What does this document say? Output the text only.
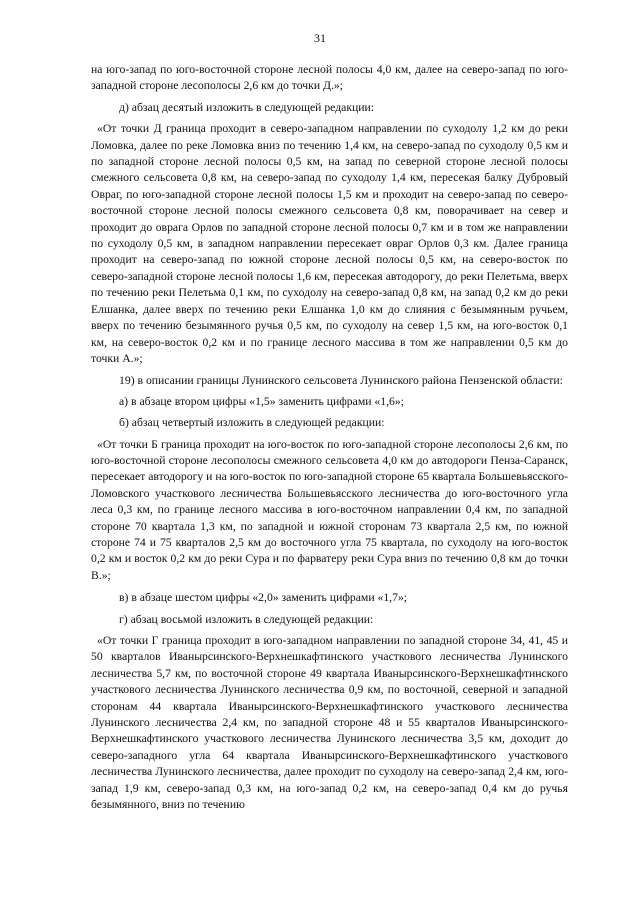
31

на юго-запад по юго-восточной стороне лесной полосы 4,0 км, далее на северо-запад по юго-западной стороне лесополосы 2,6 км до точки Д.»;

д) абзац десятый изложить в следующей редакции:

«От точки Д граница проходит в северо-западном направлении по суходолу 1,2 км до реки Ломовка, далее по реке Ломовка вниз по течению 1,4 км, на северо-запад по суходолу 0,5 км и по западной стороне лесной полосы 0,5 км, на запад по северной стороне лесной полосы смежного сельсовета 0,8 км, на северо-запад по суходолу 1,4 км, пересекая балку Дубровый Овраг, по юго-западной стороне лесной полосы 1,5 км и проходит на северо-запад по северо-восточной стороне лесной полосы смежного сельсовета 0,8 км, поворачивает на север и проходит до оврага Орлов по западной стороне лесной полосы 0,7 км и в том же направлении по суходолу 0,5 км, в западном направлении пересекает овраг Орлов 0,3 км. Далее граница проходит на северо-запад по южной стороне лесной полосы 0,5 км, на северо-восток по северо-западной стороне лесной полосы 1,6 км, пересекая автодорогу, до реки Пелетьма, вверх по течению реки Пелетьма 0,1 км, по суходолу на северо-запад 0,8 км, на запад 0,2 км до реки Елшанка, далее вверх по течению реки Елшанка 1,0 км до слияния с безымянным ручьем, вверх по течению безымянного ручья 0,5 км, по суходолу на север 1,5 км, на юго-восток 0,1 км, на северо-восток 0,2 км и по границе лесного массива в том же направлении 0,5 км до точки А.»;

19) в описании границы Лунинского сельсовета Лунинского района Пензенской области:

а) в абзаце втором цифры «1,5» заменить цифрами «1,6»;

б) абзац четвертый изложить в следующей редакции:

«От точки Б граница проходит на юго-восток по юго-западной стороне лесополосы 2,6 км, по юго-восточной стороне лесополосы смежного сельсовета 4,0 км до автодороги Пенза-Саранск, пересекает автодорогу и на юго-восток по юго-западной стороне 65 квартала Большевьясского-Ломовского участкового лесничества Большевьясского лесничества до юго-восточного угла леса 0,3 км, по границе лесного массива в юго-восточном направлении 0,4 км, по западной стороне 70 квартала 1,3 км, по западной и южной сторонам 73 квартала 2,5 км, по южной стороне 74 и 75 кварталов 2,5 км до восточного угла 75 квартала, по суходолу на юго-восток 0,2 км и восток 0,2 км до реки Сура и по фарватеру реки Сура вниз по течению 0,8 км до точки В.»;

в) в абзаце шестом цифры «2,0» заменить цифрами «1,7»;

г) абзац восьмой изложить в следующей редакции:

«От точки Г граница проходит в юго-западном направлении по западной стороне 34, 41, 45 и 50 кварталов Иванырсинского-Верхнешкафтинского участкового лесничества Лунинского лесничества 5,7 км, по восточной стороне 49 квартала Иванырсинского-Верхнешкафтинского участкового лесничества Лунинского лесничества 0,9 км, по восточной, северной и западной сторонам 44 квартала Иванырсинского-Верхнешкафтинского участкового лесничества Лунинского лесничества 2,4 км, по западной стороне 48 и 55 кварталов Иванырсинского-Верхнешкафтинского участкового лесничества Лунинского лесничества 3,5 км, доходит до северо-западного угла 64 квартала Иванырсинского-Верхнешкафтинского участкового лесничества Лунинского лесничества, далее проходит по суходолу на северо-запад 2,4 км, юго-запад 1,9 км, северо-запад 0,3 км, на юго-запад 0,2 км, на северо-запад 0,4 км до ручья безымянного, вниз по течению
